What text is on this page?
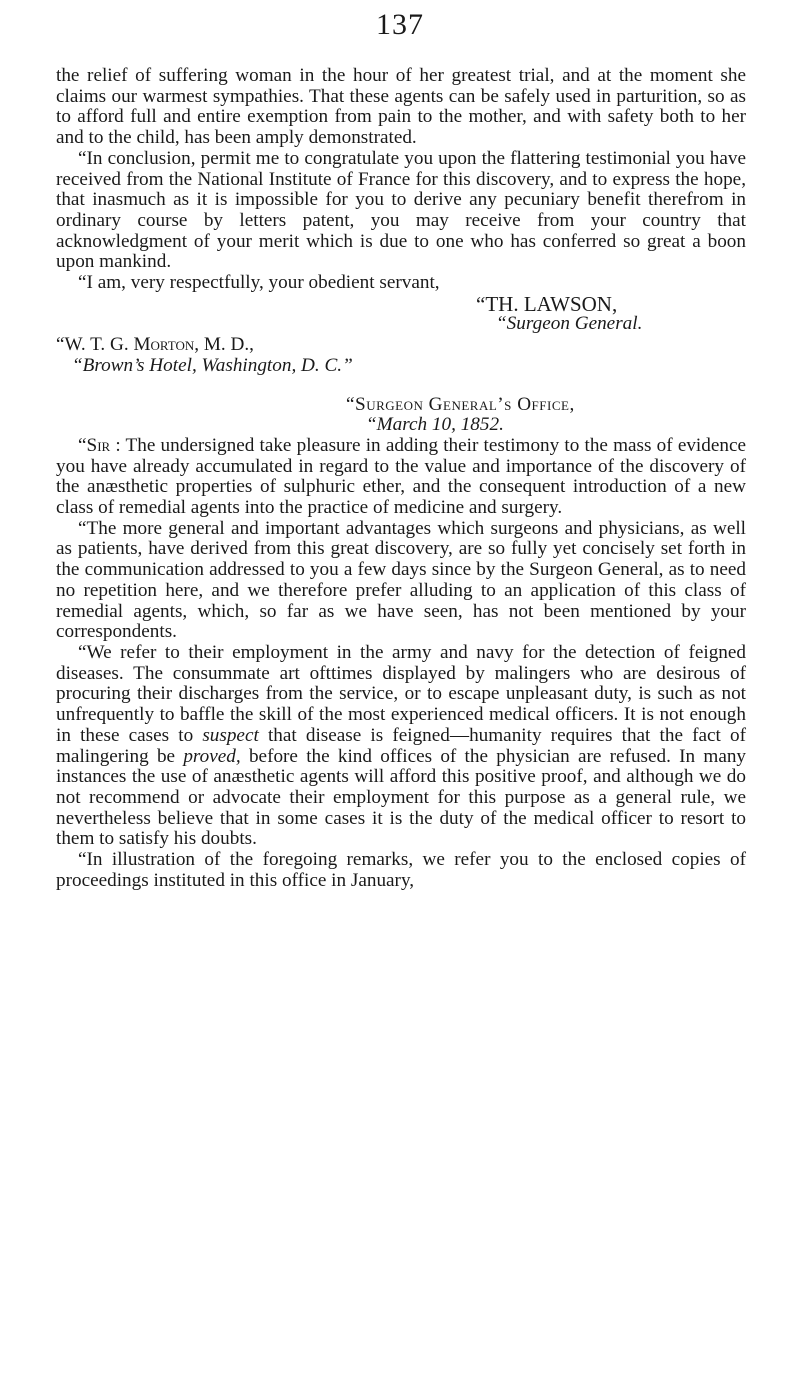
137

the relief of suffering woman in the hour of her greatest trial, and at the moment she claims our warmest sympathies. That these agents can be safely used in parturition, so as to afford full and entire exemption from pain to the mother, and with safety both to her and to the child, has been amply demonstrated.

“In conclusion, permit me to congratulate you upon the flattering testimonial you have received from the National Institute of France for this discovery, and to express the hope, that inasmuch as it is impossible for you to derive any pecuniary benefit therefrom in ordinary course by letters patent, you may receive from your country that acknowledgment of your merit which is due to one who has conferred so great a boon upon mankind.

“I am, very respectfully, your obedient servant,

“TH. LAWSON,

“Surgeon General.

“W. T. G. Morton, M. D.,

“Brown’s Hotel, Washington, D. C.”

“Surgeon General’s Office,

“March 10, 1852.

“Sir : The undersigned take pleasure in adding their testimony to the mass of evidence you have already accumulated in regard to the value and importance of the discovery of the anæsthetic properties of sulphuric ether, and the consequent introduction of a new class of remedial agents into the practice of medicine and surgery.

“The more general and important advantages which surgeons and physicians, as well as patients, have derived from this great discovery, are so fully yet concisely set forth in the communication addressed to you a few days since by the Surgeon General, as to need no repetition here, and we therefore prefer alluding to an application of this class of remedial agents, which, so far as we have seen, has not been mentioned by your correspondents.

“We refer to their employment in the army and navy for the detection of feigned diseases. The consummate art ofttimes displayed by malingers who are desirous of procuring their discharges from the service, or to escape unpleasant duty, is such as not unfrequently to baffle the skill of the most experienced medical officers. It is not enough in these cases to suspect that disease is feigned—humanity requires that the fact of malingering be proved, before the kind offices of the physician are refused. In many instances the use of anæsthetic agents will afford this positive proof, and although we do not recommend or advocate their employment for this purpose as a general rule, we nevertheless believe that in some cases it is the duty of the medical officer to resort to them to satisfy his doubts.

“In illustration of the foregoing remarks, we refer you to the enclosed copies of proceedings instituted in this office in January,
